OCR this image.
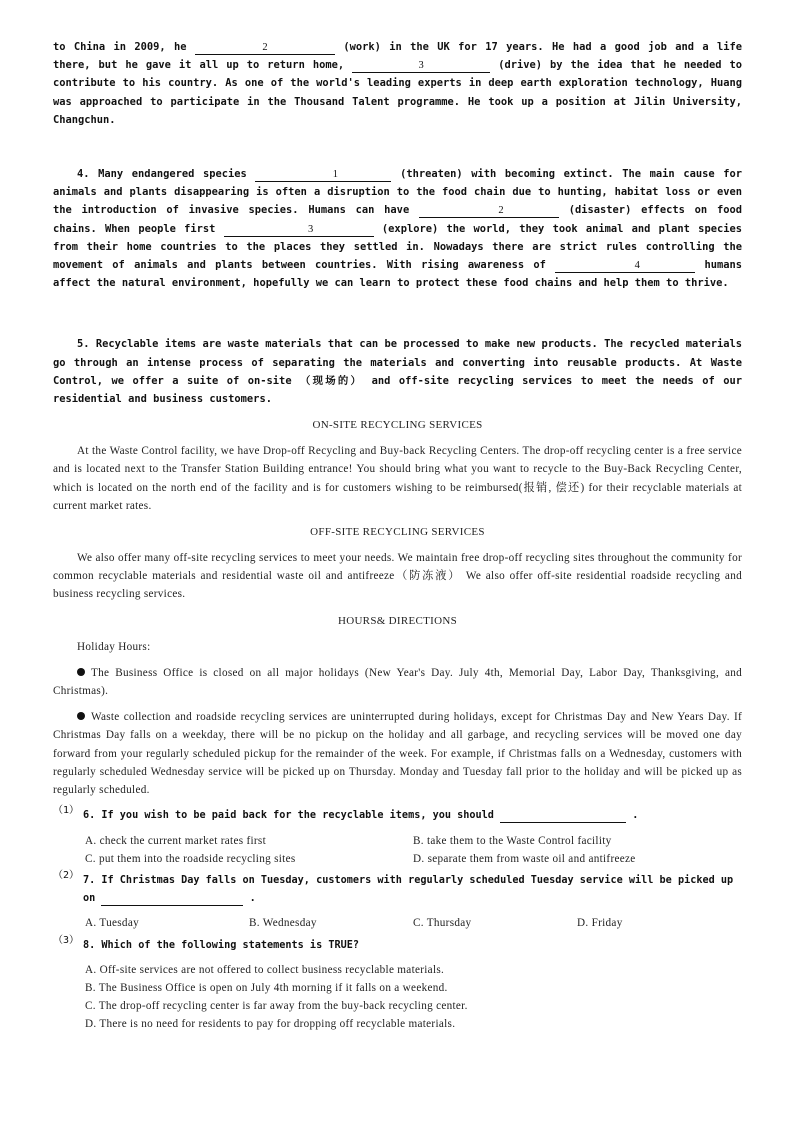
to China in 2009, he	2	(work) in the UK for 17 years. He had a good job and a life there, but he gave it all up to return home,	3	(drive) by the idea that he needed to contribute to his country. As one of the world's leading experts in deep earth exploration technology, Huang was approached to participate in the Thousand Talent programme. He took up a position at Jilin University, Changchun.

4. Many endangered species	1	(threaten) with becoming extinct. The main cause for animals and plants disappearing is often a disruption to the food chain due to hunting, habitat loss or even the introduction of invasive species. Humans can have	2	(disaster) effects on food chains. When people first	3	(explore) the world, they took animal and plant species from their home countries to the places they settled in. Nowadays there are strict rules controlling the movement of animals and plants between countries. With rising awareness of	4	humans affect the natural environment, hopefully we can learn to protect these food chains and help them to thrive.

5. Recyclable items are waste materials that can be processed to make new products. The recycled materials go through an intense process of separating the materials and converting into reusable products. At Waste Control, we offer a suite of on-site （现场的） and off-site recycling services to meet the needs of our residential and business customers.

ON-SITE RECYCLING SERVICES

At the Waste Control facility, we have Drop-off Recycling and Buy-back Recycling Centers. The drop-off recycling center is a free service and is located next to the Transfer Station Building entrance! You should bring what you want to recycle to the Buy-Back Recycling Center, which is located on the north end of the facility and is for customers wishing to be reimbursed(报销, 偿还) for their recyclable materials at current market rates.

OFF-SITE RECYCLING SERVICES

We also offer many off-site recycling services to meet your needs. We maintain free drop-off recycling sites throughout the community for common recyclable materials and residential waste oil and antifreeze（防冻液） We also offer off-site residential roadside recycling and business recycling services.

HOURS& DIRECTIONS

Holiday Hours:

The Business Office is closed on all major holidays (New Year's Day. July 4th, Memorial Day, Labor Day, Thanksgiving, and Christmas).

Waste collection and roadside recycling services are uninterrupted during holidays, except for Christmas Day and New Years Day. If Christmas Day falls on a weekday, there will be no pickup on the holiday and all garbage, and recycling services will be moved one day forward from your regularly scheduled pickup for the remainder of the week. For example, if Christmas falls on a Wednesday, customers with regularly scheduled Wednesday service will be picked up on Thursday. Monday and Tuesday fall prior to the holiday and will be picked up as regularly scheduled.

（1） 6. If you wish to be paid back for the recyclable items, you should	.

A. check the current market rates first	B. take them to the Waste Control facility
C. put them into the roadside recycling sites	D. separate them from waste oil and antifreeze
（2） 7. If Christmas Day falls on Tuesday, customers with regularly scheduled Tuesday service will be picked up on	.

A. Tuesday	B. Wednesday	C. Thursday	D. Friday
（3） 8. Which of the following statements is TRUE?

A. Off-site services are not offered to collect business recyclable materials.
B. The Business Office is open on July 4th morning if it falls on a weekend.
C. The drop-off recycling center is far away from the buy-back recycling center.
D. There is no need for residents to pay for dropping off recyclable materials.
